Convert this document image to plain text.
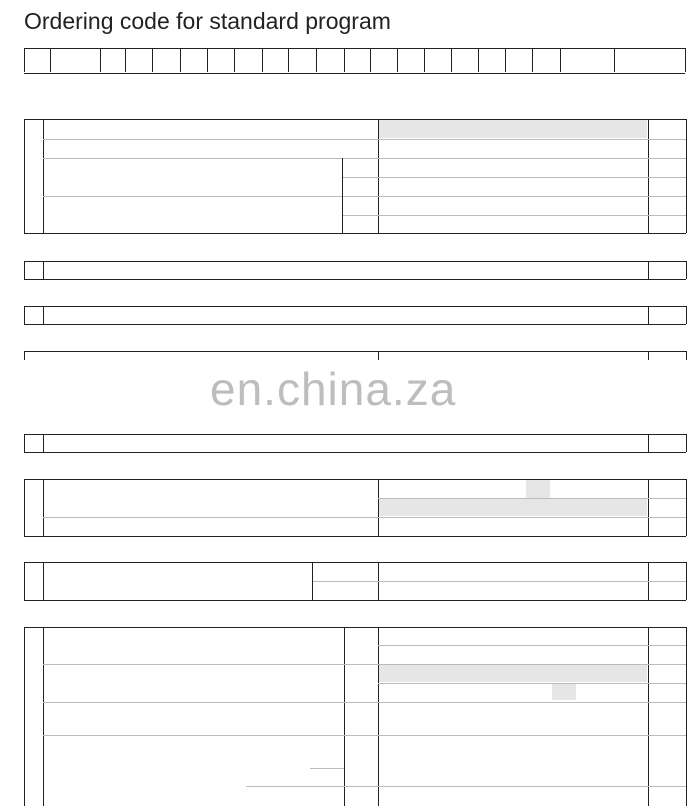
Ordering code for standard program
en.china.za
